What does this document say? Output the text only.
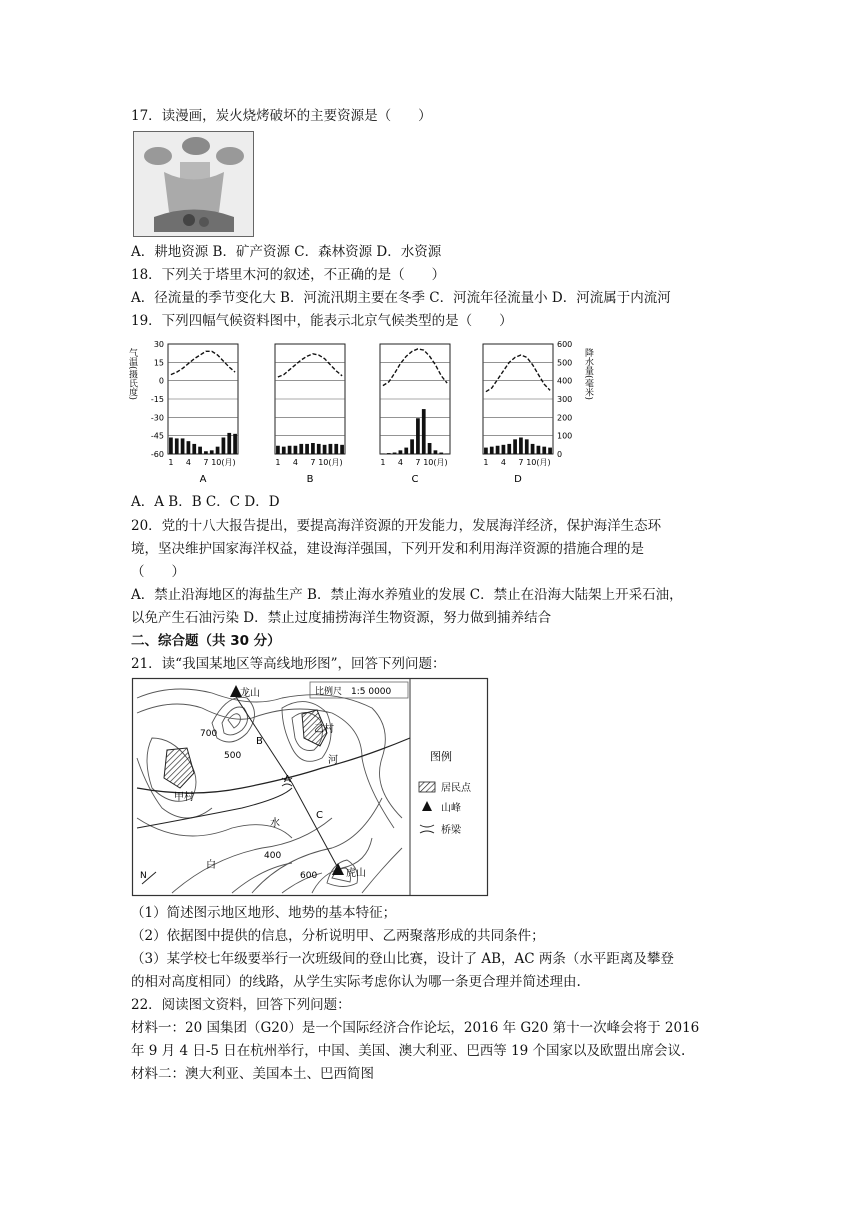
17．读漫画，炭火烧烤破坏的主要资源是（　　）
A．耕地资源 B．矿产资源 C．森林资源 D．水资源
18．下列关于塔里木河的叙述，不正确的是（　　）
A．径流量的季节变化大 B．河流汛期主要在冬季 C．河流年径流量小 D．河流属于内流河
19．下列四幅气候资料图中，能表示北京气候类型的是（　　）
气温(摄氏度)
30
15
0
-15
-30
-45
-60
降水量(毫米)
600
500
400
300
200
100
0
1 4 7 10(月)
A
1 4 7 10(月)
B
1 4 7 10(月)
C
1 4 7 10(月)
D
A．A B．B C．C D．D
20．党的十八大报告提出，要提高海洋资源的开发能力，发展海洋经济，保护海洋生态环
境，坚决维护国家海洋权益，建设海洋强国，下列开发和利用海洋资源的措施合理的是
（　　）
A．禁止沿海地区的海盐生产 B．禁止海水养殖业的发展 C．禁止在沿海大陆架上开采石油，
以免产生石油污染 D．禁止过度捕捞海洋生物资源，努力做到捕养结合
二、综合题（共 30 分）
21．读“我国某地区等高线地形图”，回答下列问题：
比例尺　1:5 0000
龙山
虎山
甲村
乙村
河
水
白
A
B
C
700
500
400
600
N
图例
居民点
山峰
桥梁
（1）简述图示地区地形、地势的基本特征；
（2）依据图中提供的信息，分析说明甲、乙两聚落形成的共同条件；
（3）某学校七年级要举行一次班级间的登山比赛，设计了 AB，AC 两条（水平距离及攀登
的相对高度相同）的线路，从学生实际考虑你认为哪一条更合理并简述理由.
22．阅读图文资料，回答下列问题：
材料一：20 国集团（G20）是一个国际经济合作论坛，2016 年 G20 第十一次峰会将于 2016
年 9 月 4 日-5 日在杭州举行，中国、美国、澳大利亚、巴西等 19 个国家以及欧盟出席会议.
材料二：澳大利亚、美国本土、巴西简图
